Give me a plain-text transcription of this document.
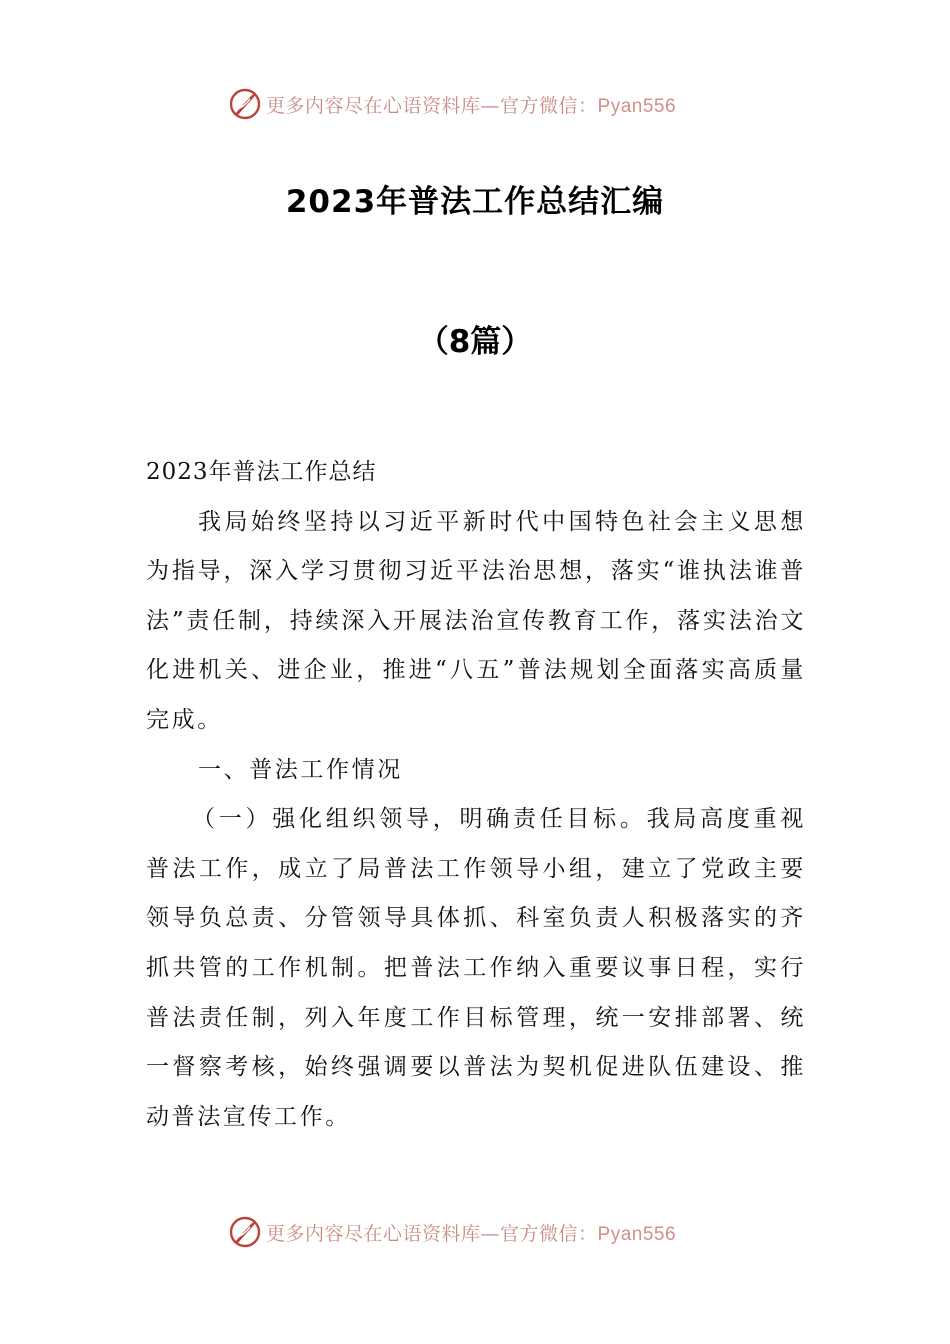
更多内容尽在心语资料库—官方微信：Pyan556
2023年普法工作总结汇编
（8篇）

2023年普法工作总结

我局始终坚持以习近平新时代中国特色社会主义思想为指导，深入学习贯彻习近平法治思想，落实“谁执法谁普法”责任制，持续深入开展法治宣传教育工作，落实法治文化进机关、进企业，推进“八五”普法规划全面落实高质量完成。

一、普法工作情况

（一）强化组织领导，明确责任目标。我局高度重视普法工作，成立了局普法工作领导小组，建立了党政主要领导负总责、分管领导具体抓、科室负责人积极落实的齐抓共管的工作机制。把普法工作纳入重要议事日程，实行普法责任制，列入年度工作目标管理，统一安排部署、统一督察考核，始终强调要以普法为契机促进队伍建设、推动普法宣传工作。

更多内容尽在心语资料库—官方微信：Pyan556
